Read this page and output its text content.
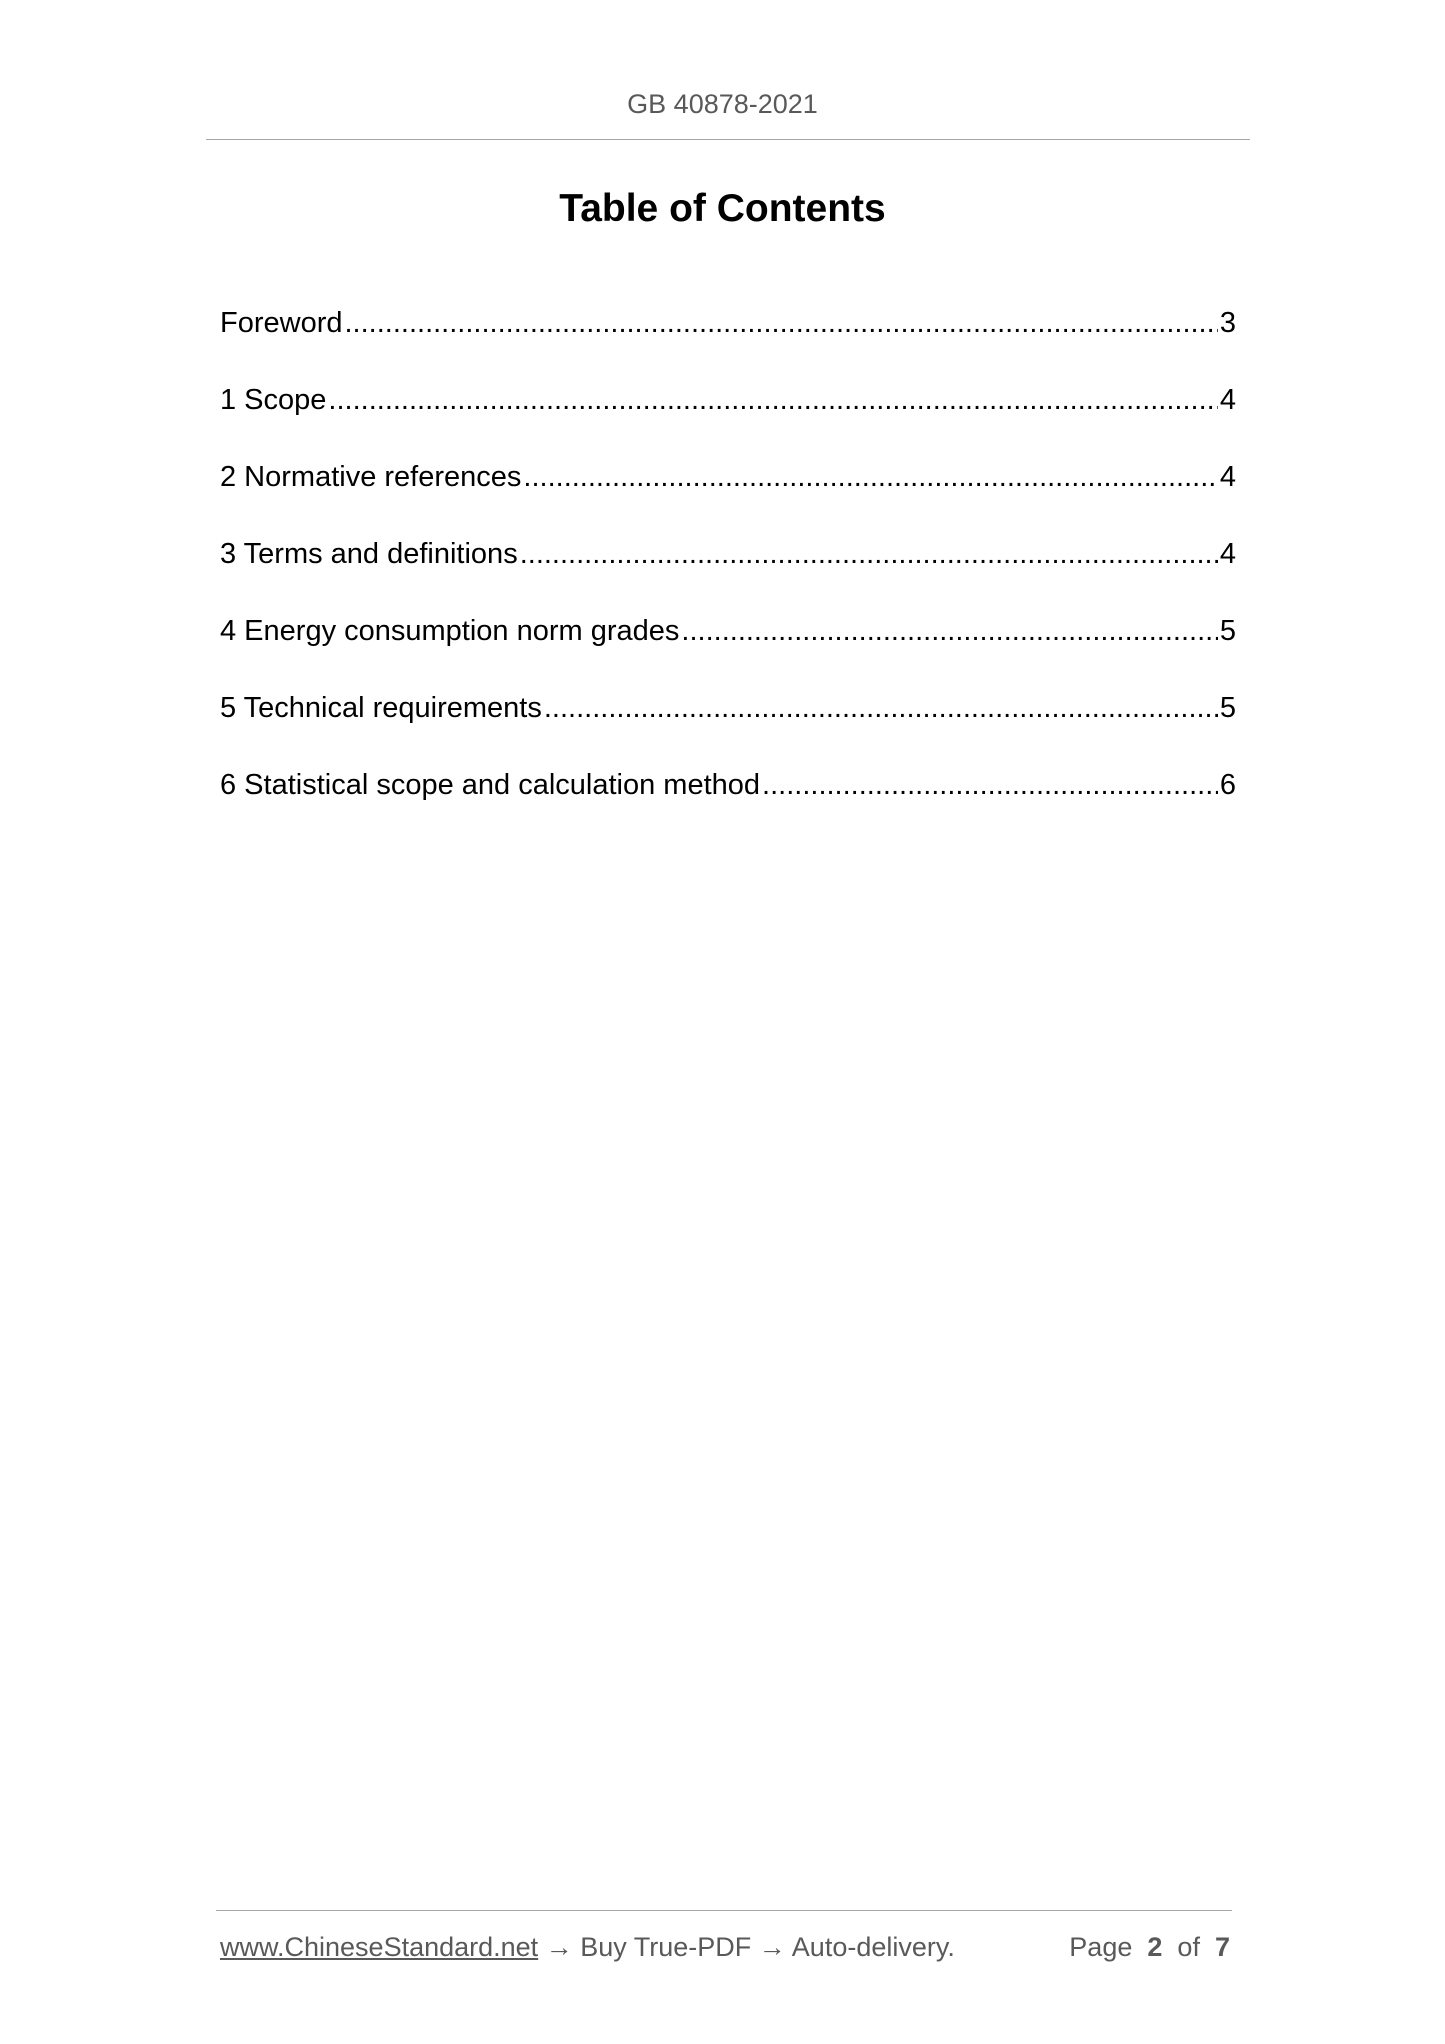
GB 40878-2021
Table of Contents
Foreword .....	3
1 Scope .....	4
2 Normative references .....	4
3 Terms and definitions .....	4
4 Energy consumption norm grades .....	5
5 Technical requirements .....	5
6 Statistical scope and calculation method .....	6
www.ChineseStandard.net → Buy True-PDF → Auto-delivery.	Page 2 of 7
